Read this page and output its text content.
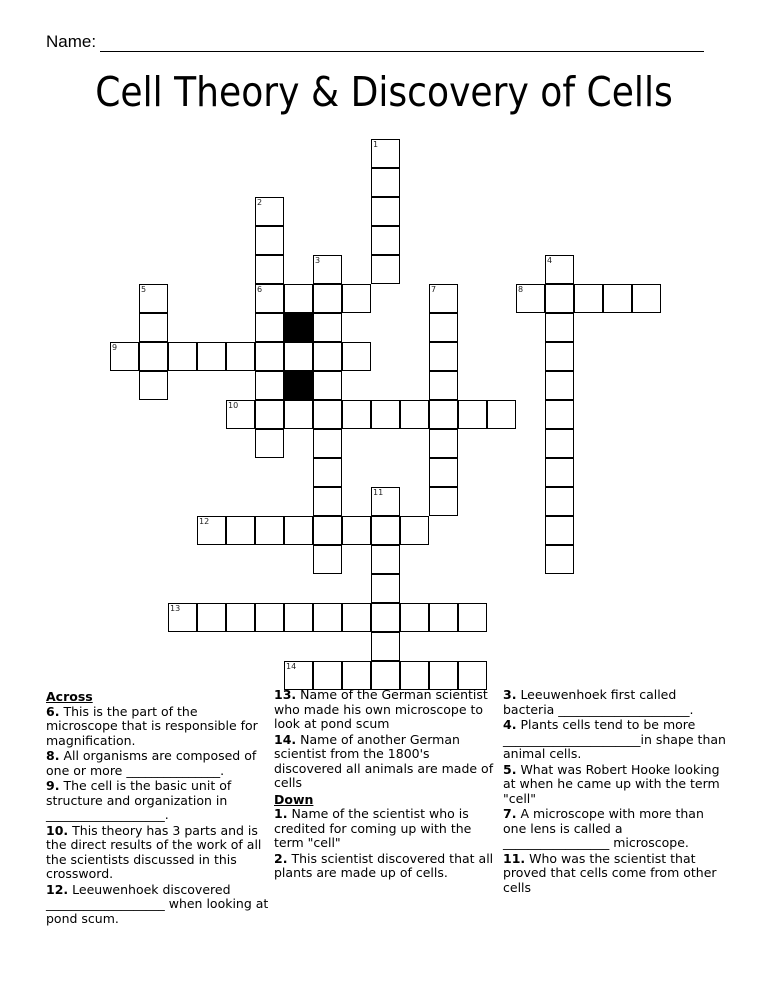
Name:
Cell Theory & Discovery of Cells
1
2
6
3	4
5	7	8
9
10
11
12
13
14
Across
6. This is the part of the microscope that is responsible for magnification.
8. All organisms are composed of one or more _______________.
9. The cell is the basic unit of structure and organization in ___________________.
10. This theory has 3 parts and is the direct results of the work of all the scientists discussed in this crossword.
12. Leeuwenhoek discovered ___________________ when looking at pond scum.
13. Name of the German scientist who made his own microscope to look at pond scum
14. Name of another German scientist from the 1800's discovered all animals are made of cells
Down
1. Name of the scientist who is credited for coming up with the term "cell"
2. This scientist discovered that all plants are made up of cells.
3. Leeuwenhoek first called bacteria _____________________.
4. Plants cells tend to be more ______________________in shape than animal cells.
5. What was Robert Hooke looking at when he came up with the term "cell"
7. A microscope with more than one lens is called a _________________ microscope.
11. Who was the scientist that proved that cells come from other cells
